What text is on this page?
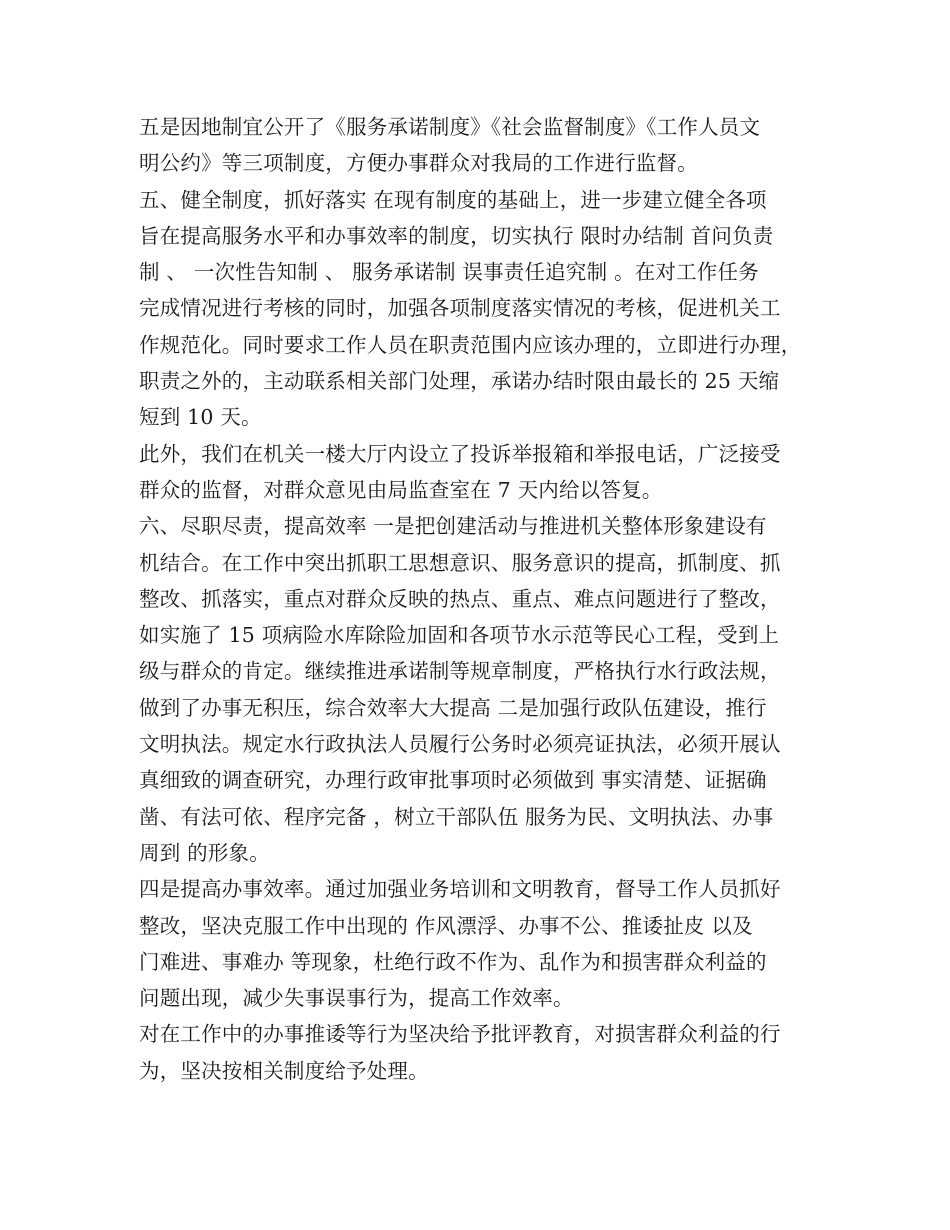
五是因地制宜公开了《服务承诺制度》《社会监督制度》《工作人员文
明公约》等三项制度，方便办事群众对我局的工作进行监督。
五、健全制度，抓好落实 在现有制度的基础上，进一步建立健全各项
旨在提高服务水平和办事效率的制度，切实执行 限时办结制 首问负责
制 、 一次性告知制 、 服务承诺制 误事责任追究制 。在对工作任务
完成情况进行考核的同时，加强各项制度落实情况的考核，促进机关工
作规范化。同时要求工作人员在职责范围内应该办理的，立即进行办理，
职责之外的，主动联系相关部门处理，承诺办结时限由最长的 25 天缩
短到 10 天。
此外，我们在机关一楼大厅内设立了投诉举报箱和举报电话，广泛接受
群众的监督，对群众意见由局监查室在 7 天内给以答复。
六、尽职尽责，提高效率 一是把创建活动与推进机关整体形象建设有
机结合。在工作中突出抓职工思想意识、服务意识的提高，抓制度、抓
整改、抓落实，重点对群众反映的热点、重点、难点问题进行了整改，
如实施了 15 项病险水库除险加固和各项节水示范等民心工程，受到上
级与群众的肯定。继续推进承诺制等规章制度，严格执行水行政法规，
做到了办事无积压，综合效率大大提高 二是加强行政队伍建设，推行
文明执法。规定水行政执法人员履行公务时必须亮证执法，必须开展认
真细致的调查研究，办理行政审批事项时必须做到 事实清楚、证据确
凿、有法可依、程序完备 ，树立干部队伍 服务为民、文明执法、办事
周到 的形象。
四是提高办事效率。通过加强业务培训和文明教育，督导工作人员抓好
整改，坚决克服工作中出现的 作风漂浮、办事不公、推诿扯皮 以及
门难进、事难办 等现象，杜绝行政不作为、乱作为和损害群众利益的
问题出现，减少失事误事行为，提高工作效率。
对在工作中的办事推诿等行为坚决给予批评教育，对损害群众利益的行
为，坚决按相关制度给予处理。
